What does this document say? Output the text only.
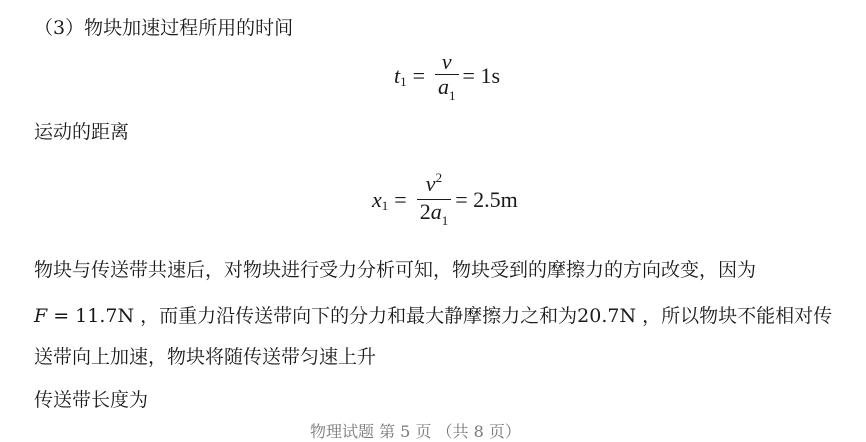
（3）物块加速过程所用的时间
t $1 = \frac{v}{a_1} = 1s$
运动的距离
x $1 = \frac{v^2}{2a_1} = 2.5m$
物块与传送带共速后，对物块进行受力分析可知，物块受到的摩擦力的方向改变，因为
F = 11.7N ，而重力沿传送带向下的分力和最大静摩擦力之和为20.7N ，所以物块不能相对传
送带向上加速，物块将随传送带匀速上升
传送带长度为
物理试题 第 5 页 （共 8 页）
